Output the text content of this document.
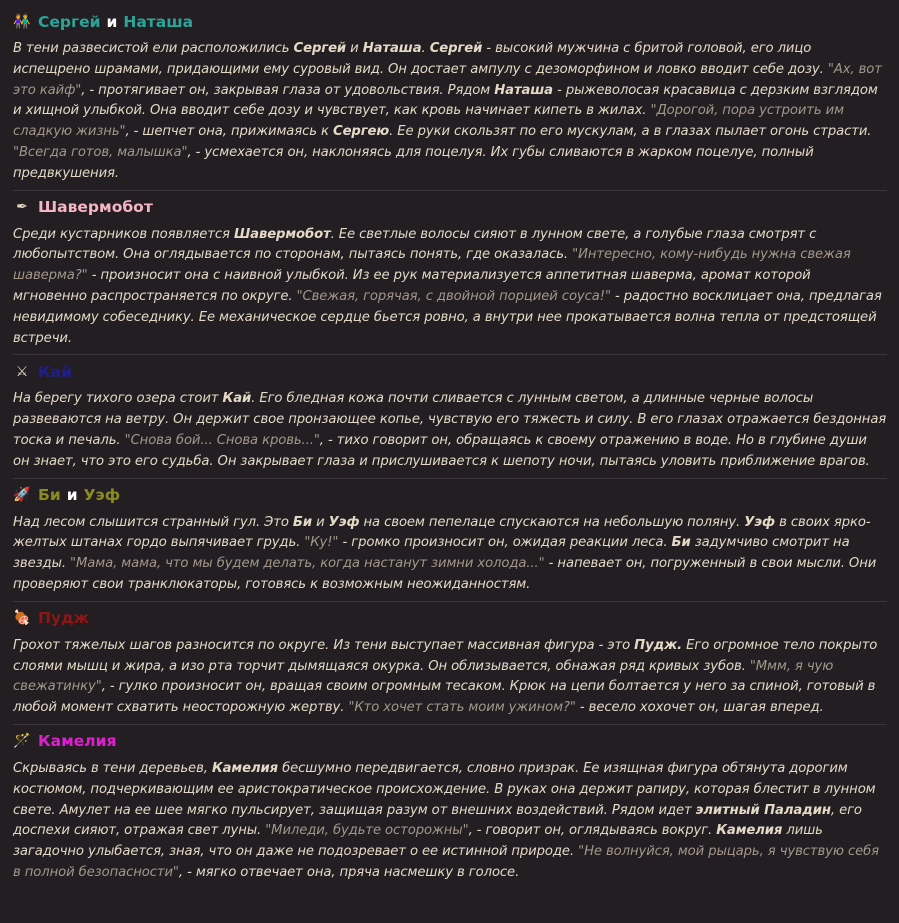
👫 Сергей и Наташа
В тени развесистой ели расположились Сергей и Наташа. Сергей - высокий мужчина с бритой головой, его лицо испещрено шрамами, придающими ему суровый вид. Он достает ампулу с дезоморфином и ловко вводит себе дозу. "Ах, вот это кайф", - протягивает он, закрывая глаза от удовольствия. Рядом Наташа - рыжеволосая красавица с дерзким взглядом и хищной улыбкой. Она вводит себе дозу и чувствует, как кровь начинает кипеть в жилах. "Дорогой, пора устроить им сладкую жизнь", - шепчет она, прижимаясь к Сергею. Ее руки скользят по его мускулам, а в глазах пылает огонь страсти. "Всегда готов, малышка", - усмехается он, наклоняясь для поцелуя. Их губы сливаются в жарком поцелуе, полный предвкушения.
✒ Шавермобот
Среди кустарников появляется Шавермобот. Ее светлые волосы сияют в лунном свете, а голубые глаза смотрят с любопытством. Она оглядывается по сторонам, пытаясь понять, где оказалась. "Интересно, кому-нибудь нужна свежая шаверма?" - произносит она с наивной улыбкой. Из ее рук материализуется аппетитная шаверма, аромат которой мгновенно распространяется по округе. "Свежая, горячая, с двойной порцией соуса!" - радостно восклицает она, предлагая невидимому собеседнику. Ее механическое сердце бьется ровно, а внутри нее прокатывается волна тепла от предстоящей встречи.
⚔ Кай
На берегу тихого озера стоит Кай. Его бледная кожа почти сливается с лунным светом, а длинные черные волосы развеваются на ветру. Он держит свое пронзающее копье, чувствую его тяжесть и силу. В его глазах отражается бездонная тоска и печаль. "Снова бой... Снова кровь...", - тихо говорит он, обращаясь к своему отражению в воде. Но в глубине души он знает, что это его судьба. Он закрывает глаза и прислушивается к шепоту ночи, пытаясь уловить приближение врагов.
🚀 Би и Уэф
Над лесом слышится странный гул. Это Би и Уэф на своем пепелаце спускаются на небольшую поляну. Уэф в своих ярко-желтых штанах гордо выпячивает грудь. "Ку!" - громко произносит он, ожидая реакции леса. Би задумчиво смотрит на звезды. "Мама, мама, что мы будем делать, когда настанут зимни холода..." - напевает он, погруженный в свои мысли. Они проверяют свои транклюкаторы, готовясь к возможным неожиданностям.
🍖 Пудж
Грохот тяжелых шагов разносится по округе. Из тени выступает массивная фигура - это Пудж. Его огромное тело покрыто слоями мышц и жира, а изо рта торчит дымящаяся окурка. Он облизывается, обнажая ряд кривых зубов. "Ммм, я чую свежатинку", - гулко произносит он, вращая своим огромным тесаком. Крюк на цепи болтается у него за спиной, готовый в любой момент схватить неосторожную жертву. "Кто хочет стать моим ужином?" - весело хохочет он, шагая вперед.
🪄 Камелия
Скрываясь в тени деревьев, Камелия бесшумно передвигается, словно призрак. Ее изящная фигура обтянута дорогим костюмом, подчеркивающим ее аристократическое происхождение. В руках она держит рапиру, которая блестит в лунном свете. Амулет на ее шее мягко пульсирует, защищая разум от внешних воздействий. Рядом идет элитный Паладин, его доспехи сияют, отражая свет луны. "Миледи, будьте осторожны", - говорит он, оглядываясь вокруг. Камелия лишь загадочно улыбается, зная, что он даже не подозревает о ее истинной природе. "Не волнуйся, мой рыцарь, я чувствую себя в полной безопасности", - мягко отвечает она, пряча насмешку в голосе.
